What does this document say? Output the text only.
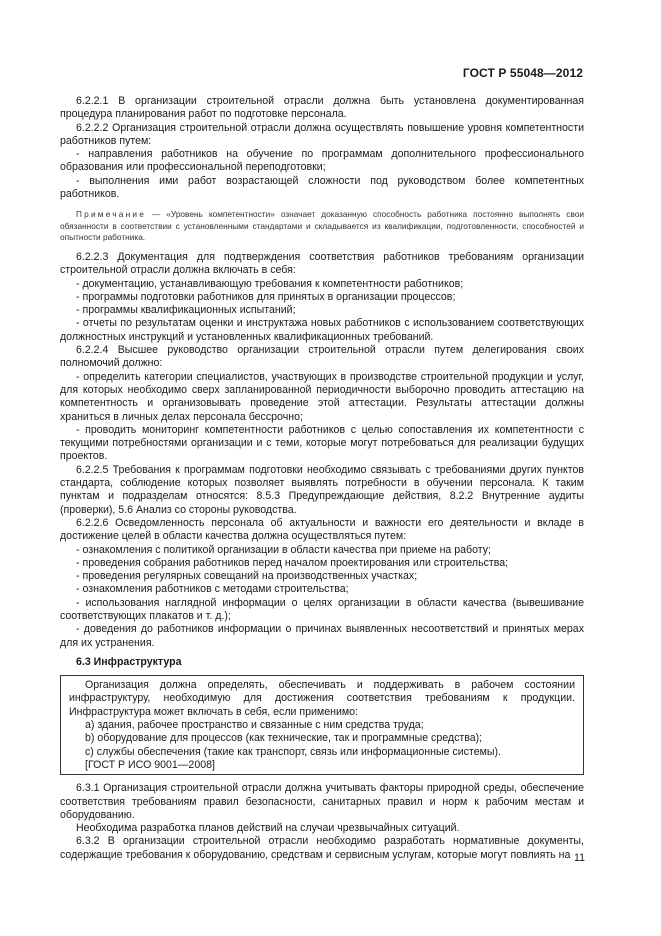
ГОСТ Р 55048—2012

6.2.2.1 В организации строительной отрасли должна быть установлена документированная процедура планирования работ по подготовке персонала.

6.2.2.2 Организация строительной отрасли должна осуществлять повышение уровня компетентности работников путем:

- направления работников на обучение по программам дополнительного профессионального образования или профессиональной переподготовки;

- выполнения ими работ возрастающей сложности под руководством более компетентных работников.

Примечание — «Уровень компетентности» означает доказанную способность работника постоянно выполнять свои обязанности в соответствии с установленными стандартами и складывается из квалификации, подготовленности, способностей и опытности работника.

6.2.2.3 Документация для подтверждения соответствия работников требованиям организации строительной отрасли должна включать в себя:

- документацию, устанавливающую требования к компетентности работников;

- программы подготовки работников для принятых в организации процессов;

- программы квалификационных испытаний;

- отчеты по результатам оценки и инструктажа новых работников с использованием соответствующих должностных инструкций и установленных квалификационных требований.

6.2.2.4 Высшее руководство организации строительной отрасли путем делегирования своих полномочий должно:

- определить категории специалистов, участвующих в производстве строительной продукции и услуг, для которых необходимо сверх запланированной периодичности выборочно проводить аттестацию на компетентность и организовывать проведение этой аттестации. Результаты аттестации должны храниться в личных делах персонала бессрочно;

- проводить мониторинг компетентности работников с целью сопоставления их компетентности с текущими потребностями организации и с теми, которые могут потребоваться для реализации будущих проектов.

6.2.2.5 Требования к программам подготовки необходимо связывать с требованиями других пунктов стандарта, соблюдение которых позволяет выявлять потребности в обучении персонала. К таким пунктам и подразделам относятся: 8.5.3 Предупреждающие действия, 8.2.2 Внутренние аудиты (проверки), 5.6 Анализ со стороны руководства.

6.2.2.6 Осведомленность персонала об актуальности и важности его деятельности и вкладе в достижение целей в области качества должна осуществляться путем:

- ознакомления с политикой организации в области качества при приеме на работу;

- проведения собрания работников перед началом проектирования или строительства;

- проведения регулярных совещаний на производственных участках;

- ознакомления работников с методами строительства;

- использования наглядной информации о целях организации в области качества (вывешивание соответствующих плакатов и т. д.);

- доведения до работников информации о причинах выявленных несоответствий и принятых мерах для их устранения.

6.3 Инфраструктура

Организация должна определять, обеспечивать и поддерживать в рабочем состоянии инфраструктуру, необходимую для достижения соответствия требованиям к продукции. Инфраструктура может включать в себя, если применимо:

a) здания, рабочее пространство и связанные с ним средства труда;

b) оборудование для процессов (как технические, так и программные средства);

c) службы обеспечения (такие как транспорт, связь или информационные системы).

[ГОСТ Р ИСО 9001—2008]

6.3.1 Организация строительной отрасли должна учитывать факторы природной среды, обеспечение соответствия требованиям правил безопасности, санитарных правил и норм к рабочим местам и оборудованию.

Необходима разработка планов действий на случаи чрезвычайных ситуаций.

6.3.2 В организации строительной отрасли необходимо разработать нормативные документы, содержащие требования к оборудованию, средствам и сервисным услугам, которые могут повлиять на 11
